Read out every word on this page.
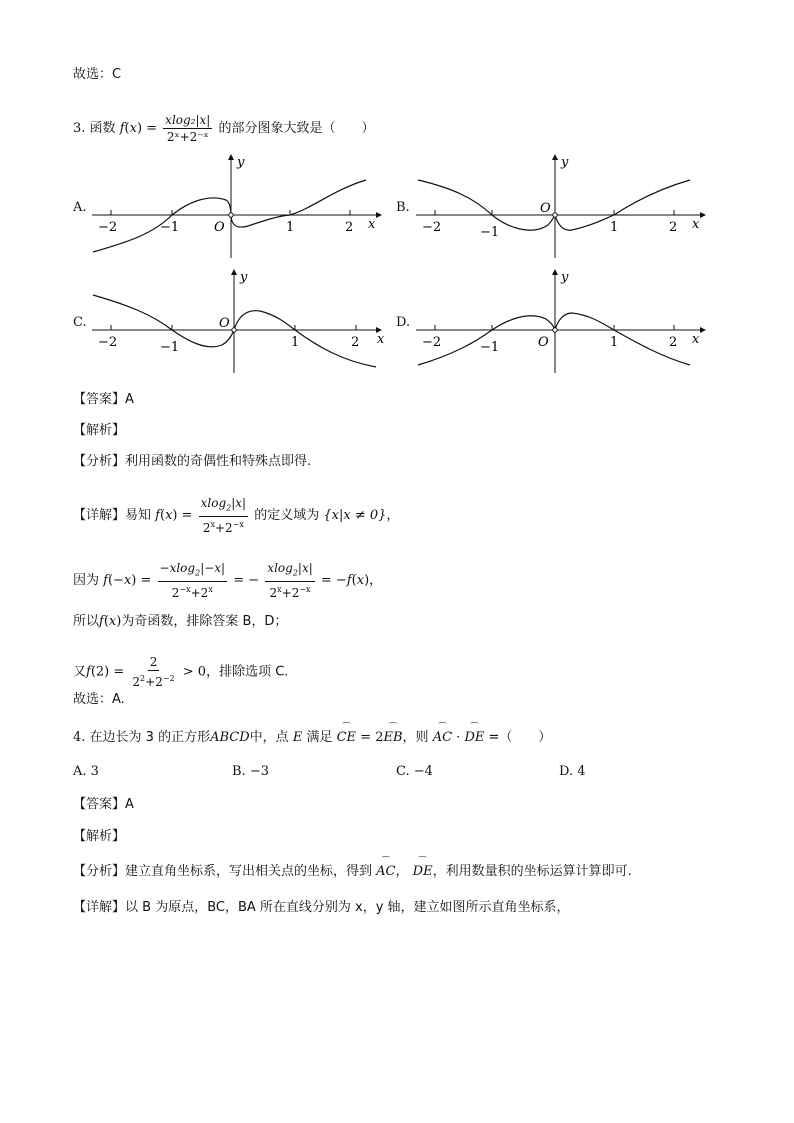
故选：C
3. 函数 $f(x) = \frac{\text{xlog₂|x|}}{\text{2ˣ+2⁻ˣ}}$ 的部分图象大致是（　　）
A.
−2	−1	1	2
O	x
y
B.
−2	−1	1	2
O
x
y
C.
−2	−1	1	2
O
x
y
D.
−2	−1	1	2
O	x
y
【答案】A
【解析】
【分析】利用函数的奇偶性和特殊点即得.
【详解】易知 $f(x) = \frac{xlog_2|x|}{2^x+2^{-x}}$ 的定义域为 {x|x ≠ 0}，
因为 $f(-x) = \frac{-xlog_2|-x|}{2^{-x}+2^x}$ = − $\frac{xlog_2|x|}{2^x+2^{-x}} = -f(x)$，
所以f(x)为奇函数，排除答案 B，D；
又$f(2) = \frac{2}{2^2+2^{-2}} > 0$，排除选项 C.
故选：A.
4. 在边长为 3 的正方形ABCD中，点 E 满足 ⁀ CE = 2⁀ EB，则 ⁀ AC · ⁀ DE =（　　）
A. 3	B. −3	C. −4	D. 4
【答案】A
【解析】
【分析】建立直角坐标系，写出相关点的坐标，得到 ⁀ AC， ⁀ DE，利用数量积的坐标运算计算即可.
【详解】以 B 为原点，BC，BA 所在直线分别为 x，y 轴，建立如图所示直角坐标系，
